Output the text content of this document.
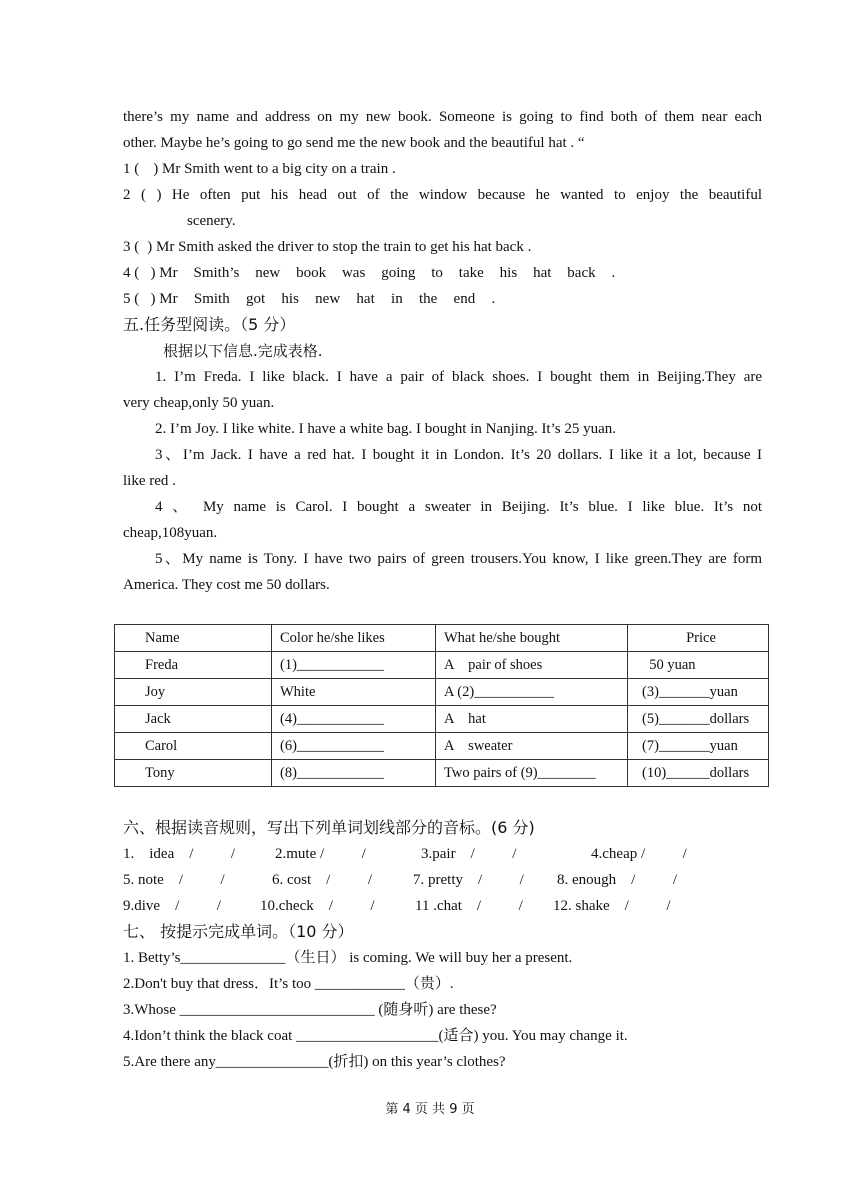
there’s my name and address on my new book. Someone is going to find both of them near each
other. Maybe he’s going to go send me the new book and the beautiful hat . “
1 ( ) Mr Smith went to a big city on a train .
2 ( ) He often put his head out of the window because he wanted to enjoy the beautiful
scenery.
3 ( ) Mr Smith asked the driver to stop the train to get his hat back .
4 ( ) Mr Smith’s new book was going to take his hat back .
5 ( ) Mr Smith got his new hat in the end .
五.任务型阅读。（5 分）
根据以下信息.完成表格.
1. I’m Freda. I like black. I have a pair of black shoes. I bought them in Beijing.They are
very cheap,only 50 yuan.
2. I’m Joy. I like white. I have a white bag. I bought in Nanjing. It’s 25 yuan.
3、I’m Jack. I have a red hat. I bought it in London. It’s 20 dollars. I like it a lot, because I
like red .
4 、 My name is Carol. I bought a sweater in Beijing. It’s blue. I like blue. It’s not
cheap,108yuan.
5、My name is Tony. I have two pairs of green trousers.You know, I like green.They are form
America. They cost me 50 dollars.
Name	Color he/she likes	What he/she bought	Price
Freda	(1)____________	A    pair of shoes	50 yuan
Joy	White	A (2)___________	(3)_______yuan
Jack	(4)____________	A    hat	(5)_______dollars
Carol	(6)____________	A    sweater	(7)_______yuan
Tony	(8)____________	Two pairs of (9)________	(10)______dollars
六、根据读音规则，写出下列单词划线部分的音标。(6 分)
1.    idea    /          /	2.mute /          /	3.pair    /          /	4.cheap /          /
5. note    /          /	6. cost    /          /	7. pretty    /          /	8. enough    /          /
9.dive    /          /	10.check    /          /	11 .chat    /          /	12. shake    /          /
七、 按提示完成单词。（10 分）
1. Betty’s______________（生日） is coming. We will buy her a present.
2.Don't buy that dress．It’s too ____________（贵）.
3.Whose __________________________ (随身听) are these?
4.Idon’t think the black coat ___________________(适合) you. You may change it.
5.Are there any_______________(折扣) on this year’s clothes?
第 4 页 共 9 页
